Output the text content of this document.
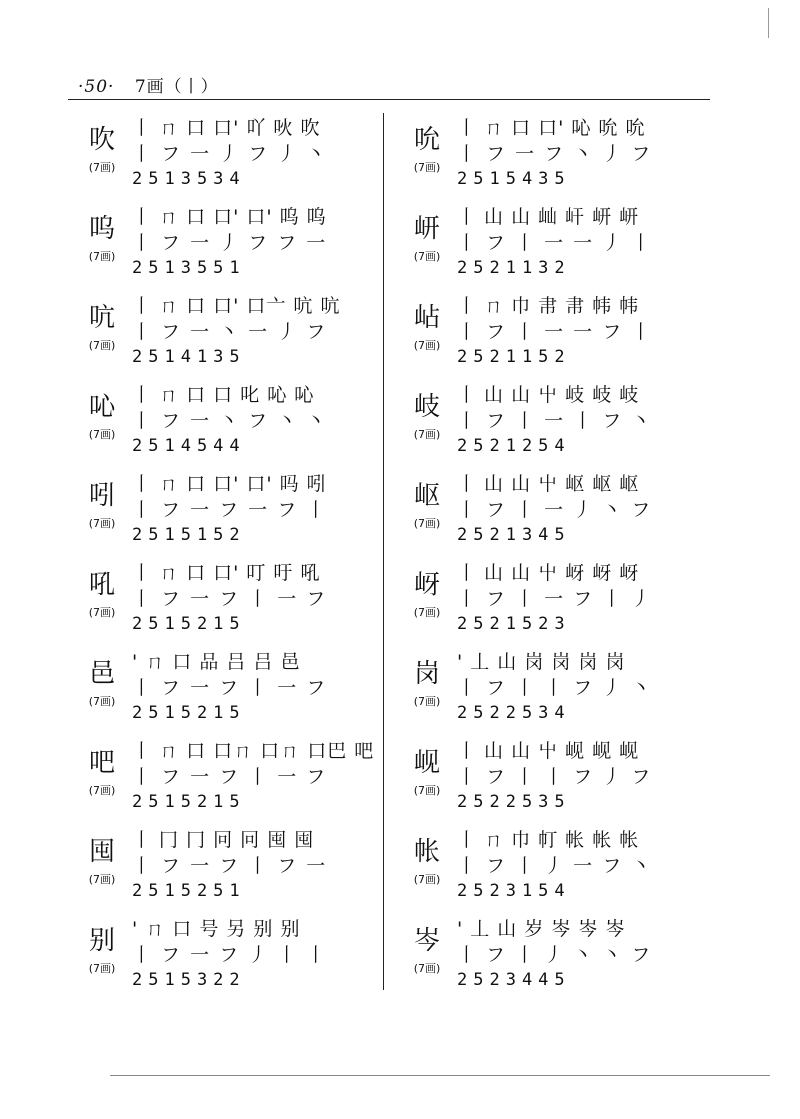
·50· 7画（丨）
吹
(7画)
丨 ㄇ 口 口' 吖 吙 吹
丨 フ 一 丿 フ 丿 丶
2513534
呜
(7画)
丨 ㄇ 口 口' 口' 呜 呜
丨 フ 一 丿 フ フ 一
2513551
吭
(7画)
丨 ㄇ 口 口' 口亠 吭 吭
丨 フ 一 丶 一 丿 フ
2514135
吣
(7画)
丨 ㄇ 口 口 叱 吣 吣
丨 フ 一 丶 フ 丶 丶
2514544
吲
(7画)
丨 ㄇ 口 口' 口' 吗 吲
丨 フ 一 フ 一 フ 丨
2515152
吼
(7画)
丨 ㄇ 口 口' 叮 吁 吼
丨 フ 一 フ 丨 一 フ
2515215
邑
(7画)
' ㄇ 口 品 吕 吕 邑
丨 フ 一 フ 丨 一 フ
2515215
吧
(7画)
丨 ㄇ 口 口ㄇ 口ㄇ 口巴 吧
丨 フ 一 フ 丨 一 フ
2515215
囤
(7画)
丨 冂 冂 冋 冋 囤 囤
丨 フ 一 フ 丨 フ 一
2515251
别
(7画)
' ㄇ 口 号 另 别 别
丨 フ 一 フ 丿 丨 丨
2515322
吮
(7画)
丨 ㄇ 口 口' 吣 吮 吮
丨 フ 一 フ 丶 丿 フ
2515435
岍
(7画)
丨 山 山 屾 屽 岍 岍
丨 フ 丨 一 一 丿 丨
2521132
岾
(7画)
丨 ㄇ 巾 帇 帇 帏 帏
丨 フ 丨 一 一 フ 丨
2521152
岐
(7画)
丨 山 山 屮 岐 岐 岐
丨 フ 丨 一 丨 フ 丶
2521254
岖
(7画)
丨 山 山 屮 岖 岖 岖
丨 フ 丨 一 丿 丶 フ
2521345
岈
(7画)
丨 山 山 屮 岈 岈 岈
丨 フ 丨 一 フ 丨 丿
2521523
岗
(7画)
' 丄 山 岗 岗 岗 岗
丨 フ 丨 丨 フ 丿 丶
2522534
岘
(7画)
丨 山 山 屮 岘 岘 岘
丨 フ 丨 丨 フ 丿 フ
2522535
帐
(7画)
丨 ㄇ 巾 帄 帐 帐 帐
丨 フ 丨 丿 一 フ 丶
2523154
岑
(7画)
' 丄 山 岁 岑 岑 岑
丨 フ 丨 丿 丶 丶 フ
2523445
